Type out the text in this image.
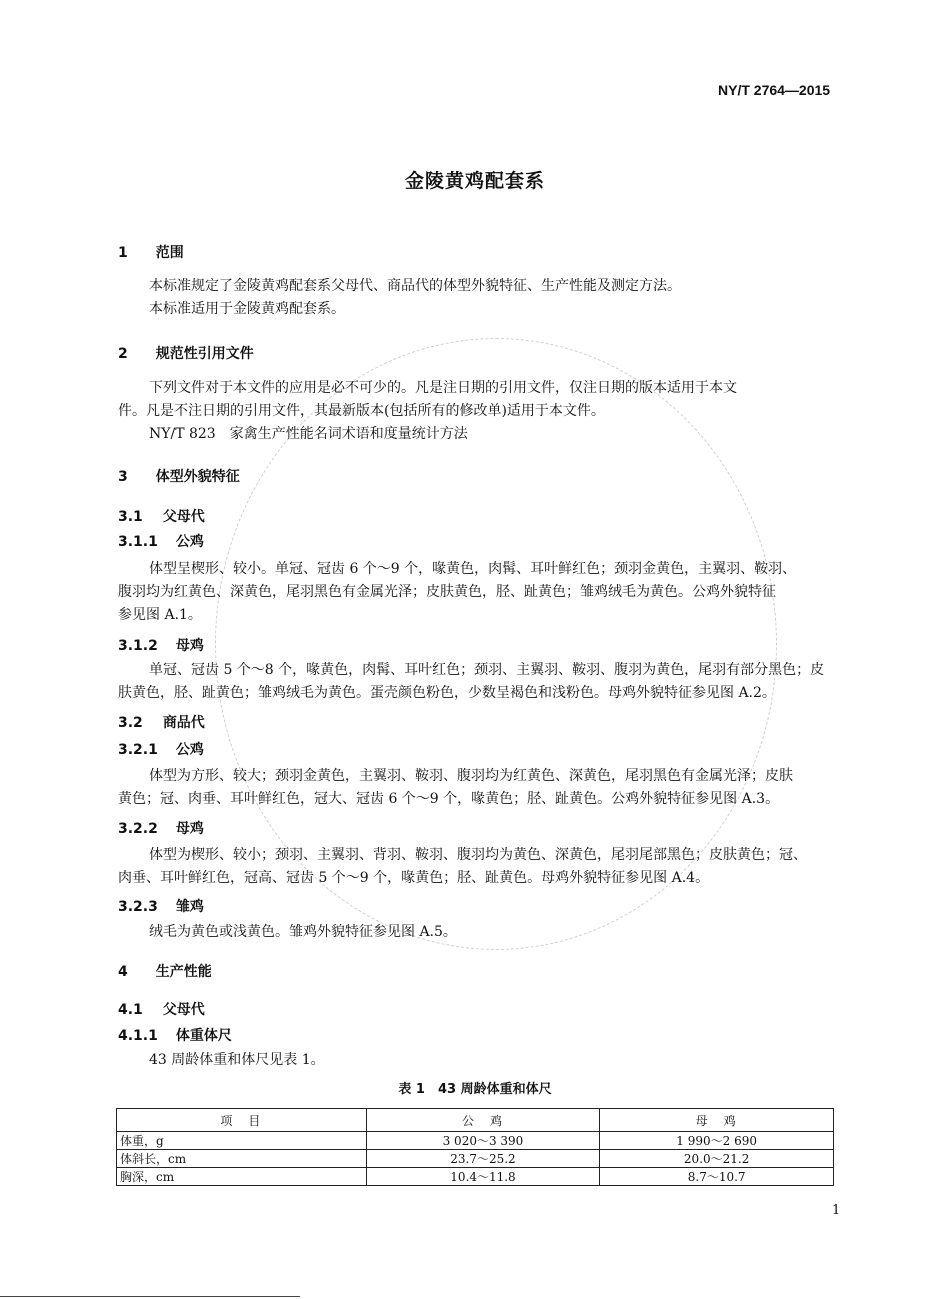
NY/T 2764—2015
金陵黄鸡配套系
1 范围
本标准规定了金陵黄鸡配套系父母代、商品代的体型外貌特征、生产性能及测定方法。
本标准适用于金陵黄鸡配套系。
2 规范性引用文件
下列文件对于本文件的应用是必不可少的。凡是注日期的引用文件，仅注日期的版本适用于本文
件。凡是不注日期的引用文件，其最新版本(包括所有的修改单)适用于本文件。
NY/T 823　家禽生产性能名词术语和度量统计方法
3 体型外貌特征
3.1 父母代
3.1.1 公鸡
体型呈楔形、较小。单冠、冠齿 6 个～9 个，喙黄色，肉髯、耳叶鲜红色；颈羽金黄色，主翼羽、鞍羽、
腹羽均为红黄色、深黄色，尾羽黑色有金属光泽；皮肤黄色，胫、趾黄色；雏鸡绒毛为黄色。公鸡外貌特征
参见图 A.1。
3.1.2 母鸡
单冠、冠齿 5 个～8 个，喙黄色，肉髯、耳叶红色；颈羽、主翼羽、鞍羽、腹羽为黄色，尾羽有部分黑色；皮
肤黄色，胫、趾黄色；雏鸡绒毛为黄色。蛋壳颜色粉色，少数呈褐色和浅粉色。母鸡外貌特征参见图 A.2。
3.2 商品代
3.2.1 公鸡
体型为方形、较大；颈羽金黄色，主翼羽、鞍羽、腹羽均为红黄色、深黄色，尾羽黑色有金属光泽；皮肤
黄色；冠、肉垂、耳叶鲜红色，冠大、冠齿 6 个～9 个，喙黄色；胫、趾黄色。公鸡外貌特征参见图 A.3。
3.2.2 母鸡
体型为楔形、较小；颈羽、主翼羽、背羽、鞍羽、腹羽均为黄色、深黄色，尾羽尾部黑色；皮肤黄色；冠、
肉垂、耳叶鲜红色，冠高、冠齿 5 个～9 个，喙黄色；胫、趾黄色。母鸡外貌特征参见图 A.4。
3.2.3 雏鸡
绒毛为黄色或浅黄色。雏鸡外貌特征参见图 A.5。
4 生产性能
4.1 父母代
4.1.1 体重体尺
43 周龄体重和体尺见表 1。
表 1　43 周龄体重和体尺
项　目	公　鸡	母　鸡
体重，g	3 020～3 390	1 990～2 690
体斜长，cm	23.7～25.2	20.0～21.2
胸深，cm	10.4～11.8	8.7～10.7
1
